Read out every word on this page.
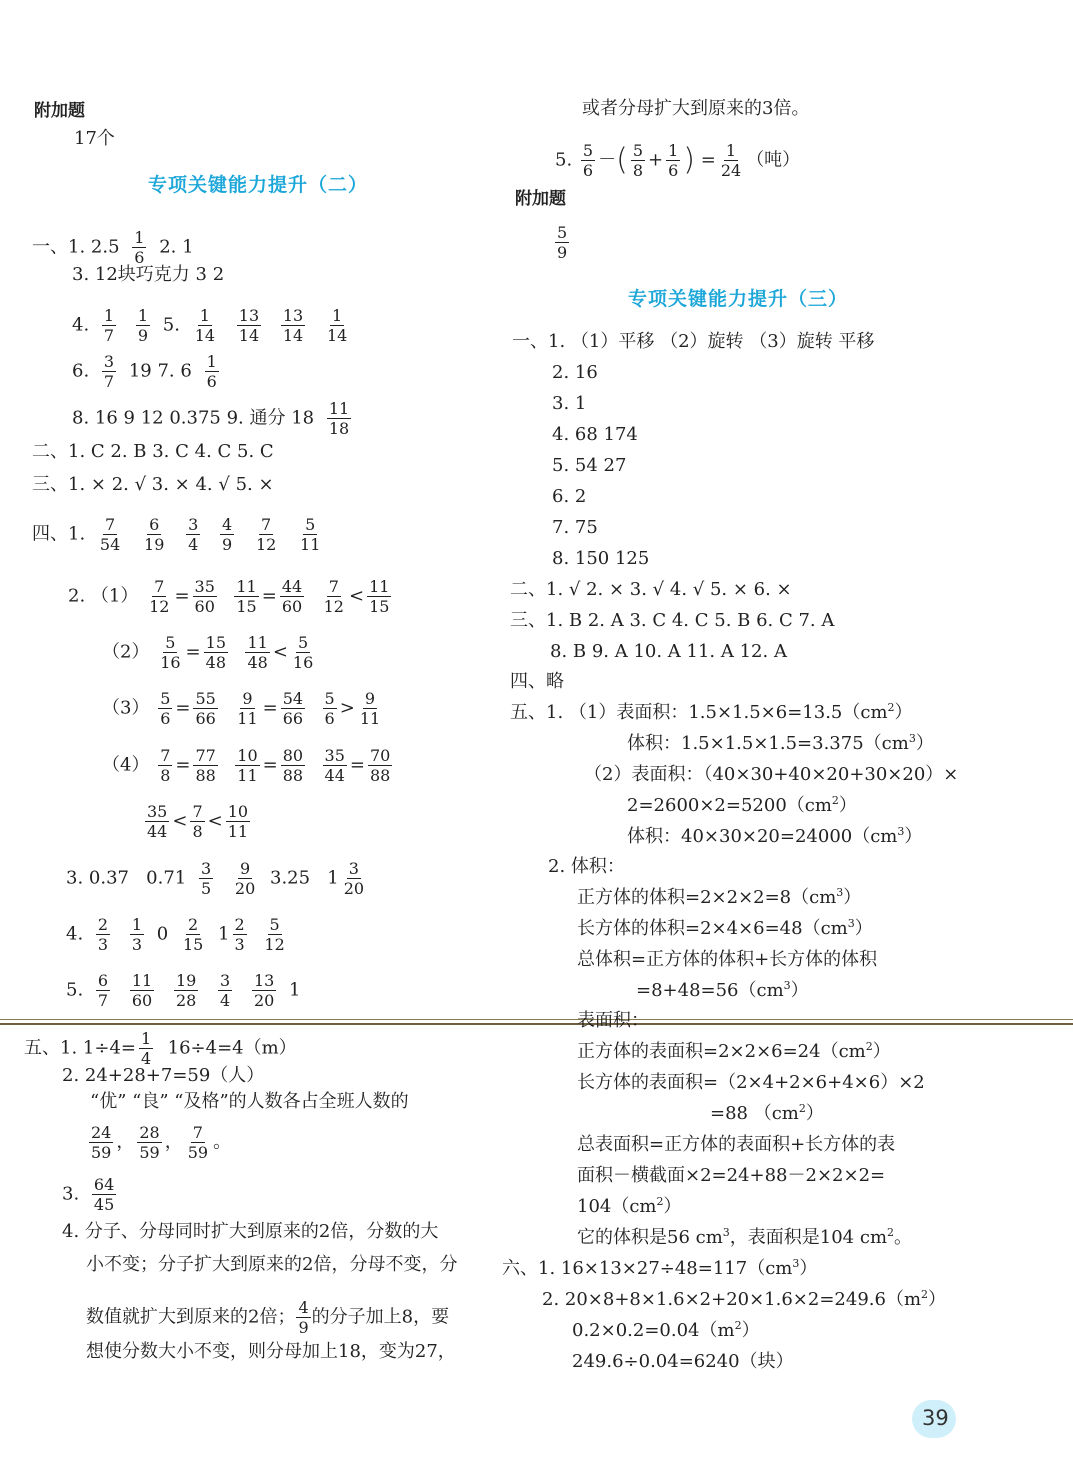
附加题
17个
专项关键能力提升（二）
一、1. $2.5 \frac{1}{6} 2$. 1
3. 12块巧克力 3 2
4. $\frac{1}{7}$
$\frac{1}{9} 5$. $\frac{1}{14}$
$\frac{13}{14}$
$\frac{13}{14}$
$\frac{1}{14}$
6. $\frac{3}{7} 19$ 7. $6 \frac{1}{6}$
8. 16 9 12 0.375 9. 通分 $18 \frac{11}{18}$
二、1. C 2. B 3. C 4. C 5. C
三、1. × 2. √ 3. × 4. √ 5. ×
四、1. $\frac{7}{54}$
$\frac{6}{19}$
$\frac{3}{4}$
$\frac{4}{9}$
$\frac{7}{12}$
$\frac{5}{11}$
2. $(1) \frac{7}{12} = \frac{35}{60}$
$\frac{11}{15} = \frac{44}{60}$
$\frac{7}{12} < \frac{11}{15}$
$(2) \frac{5}{16} = \frac{15}{48}$
$\frac{11}{48} < \frac{5}{16}$
$(3) \frac{5}{6} = \frac{55}{66}$
$\frac{9}{11} = \frac{54}{66}$
$\frac{5}{6} > \frac{9}{11}$
$(4) \frac{7}{8} = \frac{77}{88}$
$\frac{10}{11} = \frac{80}{88}$
$\frac{35}{44} = \frac{70}{88}$
$\frac{35}{44} < \frac{7}{8} < \frac{10}{11}$
3. 0.37 $0.71 \frac{3}{5}$
$\frac{9}{20} 3.25$ $1 \frac{3}{20}$
4. $\frac{2}{3}$
$\frac{1}{3} 0 \frac{2}{15} 1 \frac{2}{3}$
$\frac{5}{12}$
5. $\frac{6}{7}$
$\frac{11}{60}$
$\frac{19}{28}$
$\frac{3}{4}$
$\frac{13}{20} 1$
五、1. $1\div 4= \frac{1}{4} 16\div 4=4(m)$
2. 24+28+7=59（人）
“优” “良” “及格”的人数各占全班人数的
$\frac{24}{59}$ ， $\frac{28}{59}$ ， $\frac{7}{59}$ 。
3. $\frac{64}{45}$
4. 分子、分母同时扩大到原来的2倍，分数的大
小不变；分子扩大到原来的2倍，分母不变，分
数值就扩大到原来的2倍； $\frac{4}{9}$ 的分子加上8，要
想使分数大小不变，则分母加上18，变为27，
或者分母扩大到原来的3倍。
5. $\frac{5}{6}$ －( $\frac{5}{8} + \frac{1}{6}$ ) = $\frac{1}{24}$ （吨）
附加题
$\frac{5}{9}$
专项关键能力提升（三）
一、1. （1）平移 （2）旋转 （3）旋转 平移
2. 16
3. 1
4. 68 174
5. 54 27
6. 2
7. 75
8. 150 125
二、1. √ 2. × 3. √ 4. √ 5. × 6. ×
三、1. B 2. A 3. C 4. C 5. B 6. C 7. A
8. B 9. A 10. A 11. A 12. A
四、略
五、1. （1）表面积：$1.5\times 1.5\times 6=13.5(cm^2)$
体积：$1.5\times 1.5\times 1.5=3.375(cm^3)$
（2）表面积：（40×30+40×20+30×20）×
$2=2600\times 2=5200(cm^2)$
体积：$40\times 30\times 20=24000(cm^3)$
2. 体积：
正方体的体积$=2\times 2\times 2=8(cm^3)$
长方体的体积$=2\times 4\times 6=48(cm^3)$
总体积=正方体的体积+长方体的体积
$=8+48=56(cm^3)$
表面积：
正方体的表面积$=2\times 2\times 6=24(cm^2)$
长方体的表面积=（2×4+2×6+4×6）×2
=88 $(cm^2)$
总表面积=正方体的表面积+长方体的表
面积－横截面×2=24+88－2×2×2=
$104(cm^2)$
它的体积是56 $cm^3$，表面积是104 $cm^2$。
六、1. $16\times 13\times 27\div 48=117(cm^3)$
2. $20\times 8+8\times 1.6\times 2+20\times 1.6\times 2=249.6(m^2)$
$0.2\times 0.2=0.04(m^2)$
249.6÷0.04=6240（块）
39
